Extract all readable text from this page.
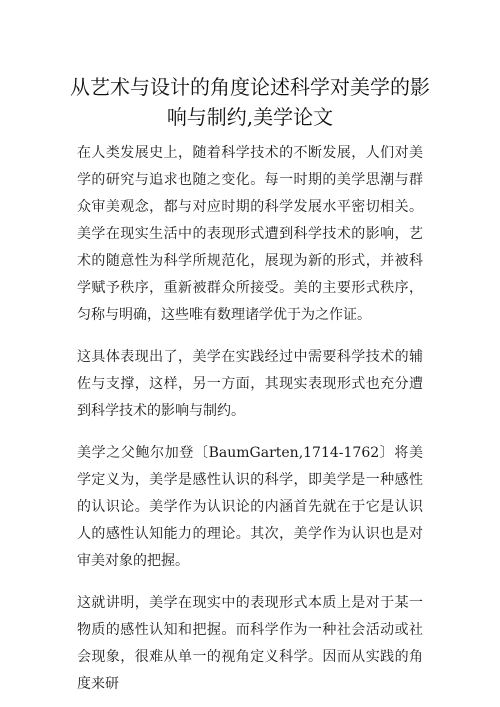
从艺术与设计的角度论述科学对美学的影
响与制约,美学论文

在人类发展史上，随着科学技术的不断发展，人们对美学的研究与追求也随之变化。每一时期的美学思潮与群众审美观念，都与对应时期的科学发展水平密切相关。美学在现实生活中的表现形式遭到科学技术的影响，艺术的随意性为科学所规范化，展现为新的形式，并被科学赋予秩序，重新被群众所接受。美的主要形式秩序，匀称与明确，这些唯有数理诸学优于为之作证。

这具体表现出了，美学在实践经过中需要科学技术的辅佐与支撑，这样，另一方面，其现实表现形式也充分遭到科学技术的影响与制约。

美学之父鲍尔加登〔BaumGarten,1714-1762〕将美学定义为，美学是感性认识的科学，即美学是一种感性的认识论。美学作为认识论的内涵首先就在于它是认识人的感性认知能力的理论。其次，美学作为认识也是对审美对象的把握。

这就讲明，美学在现实中的表现形式本质上是对于某一物质的感性认知和把握。而科学作为一种社会活动或社会现象，很难从单一的视角定义科学。因而从实践的角度来研
